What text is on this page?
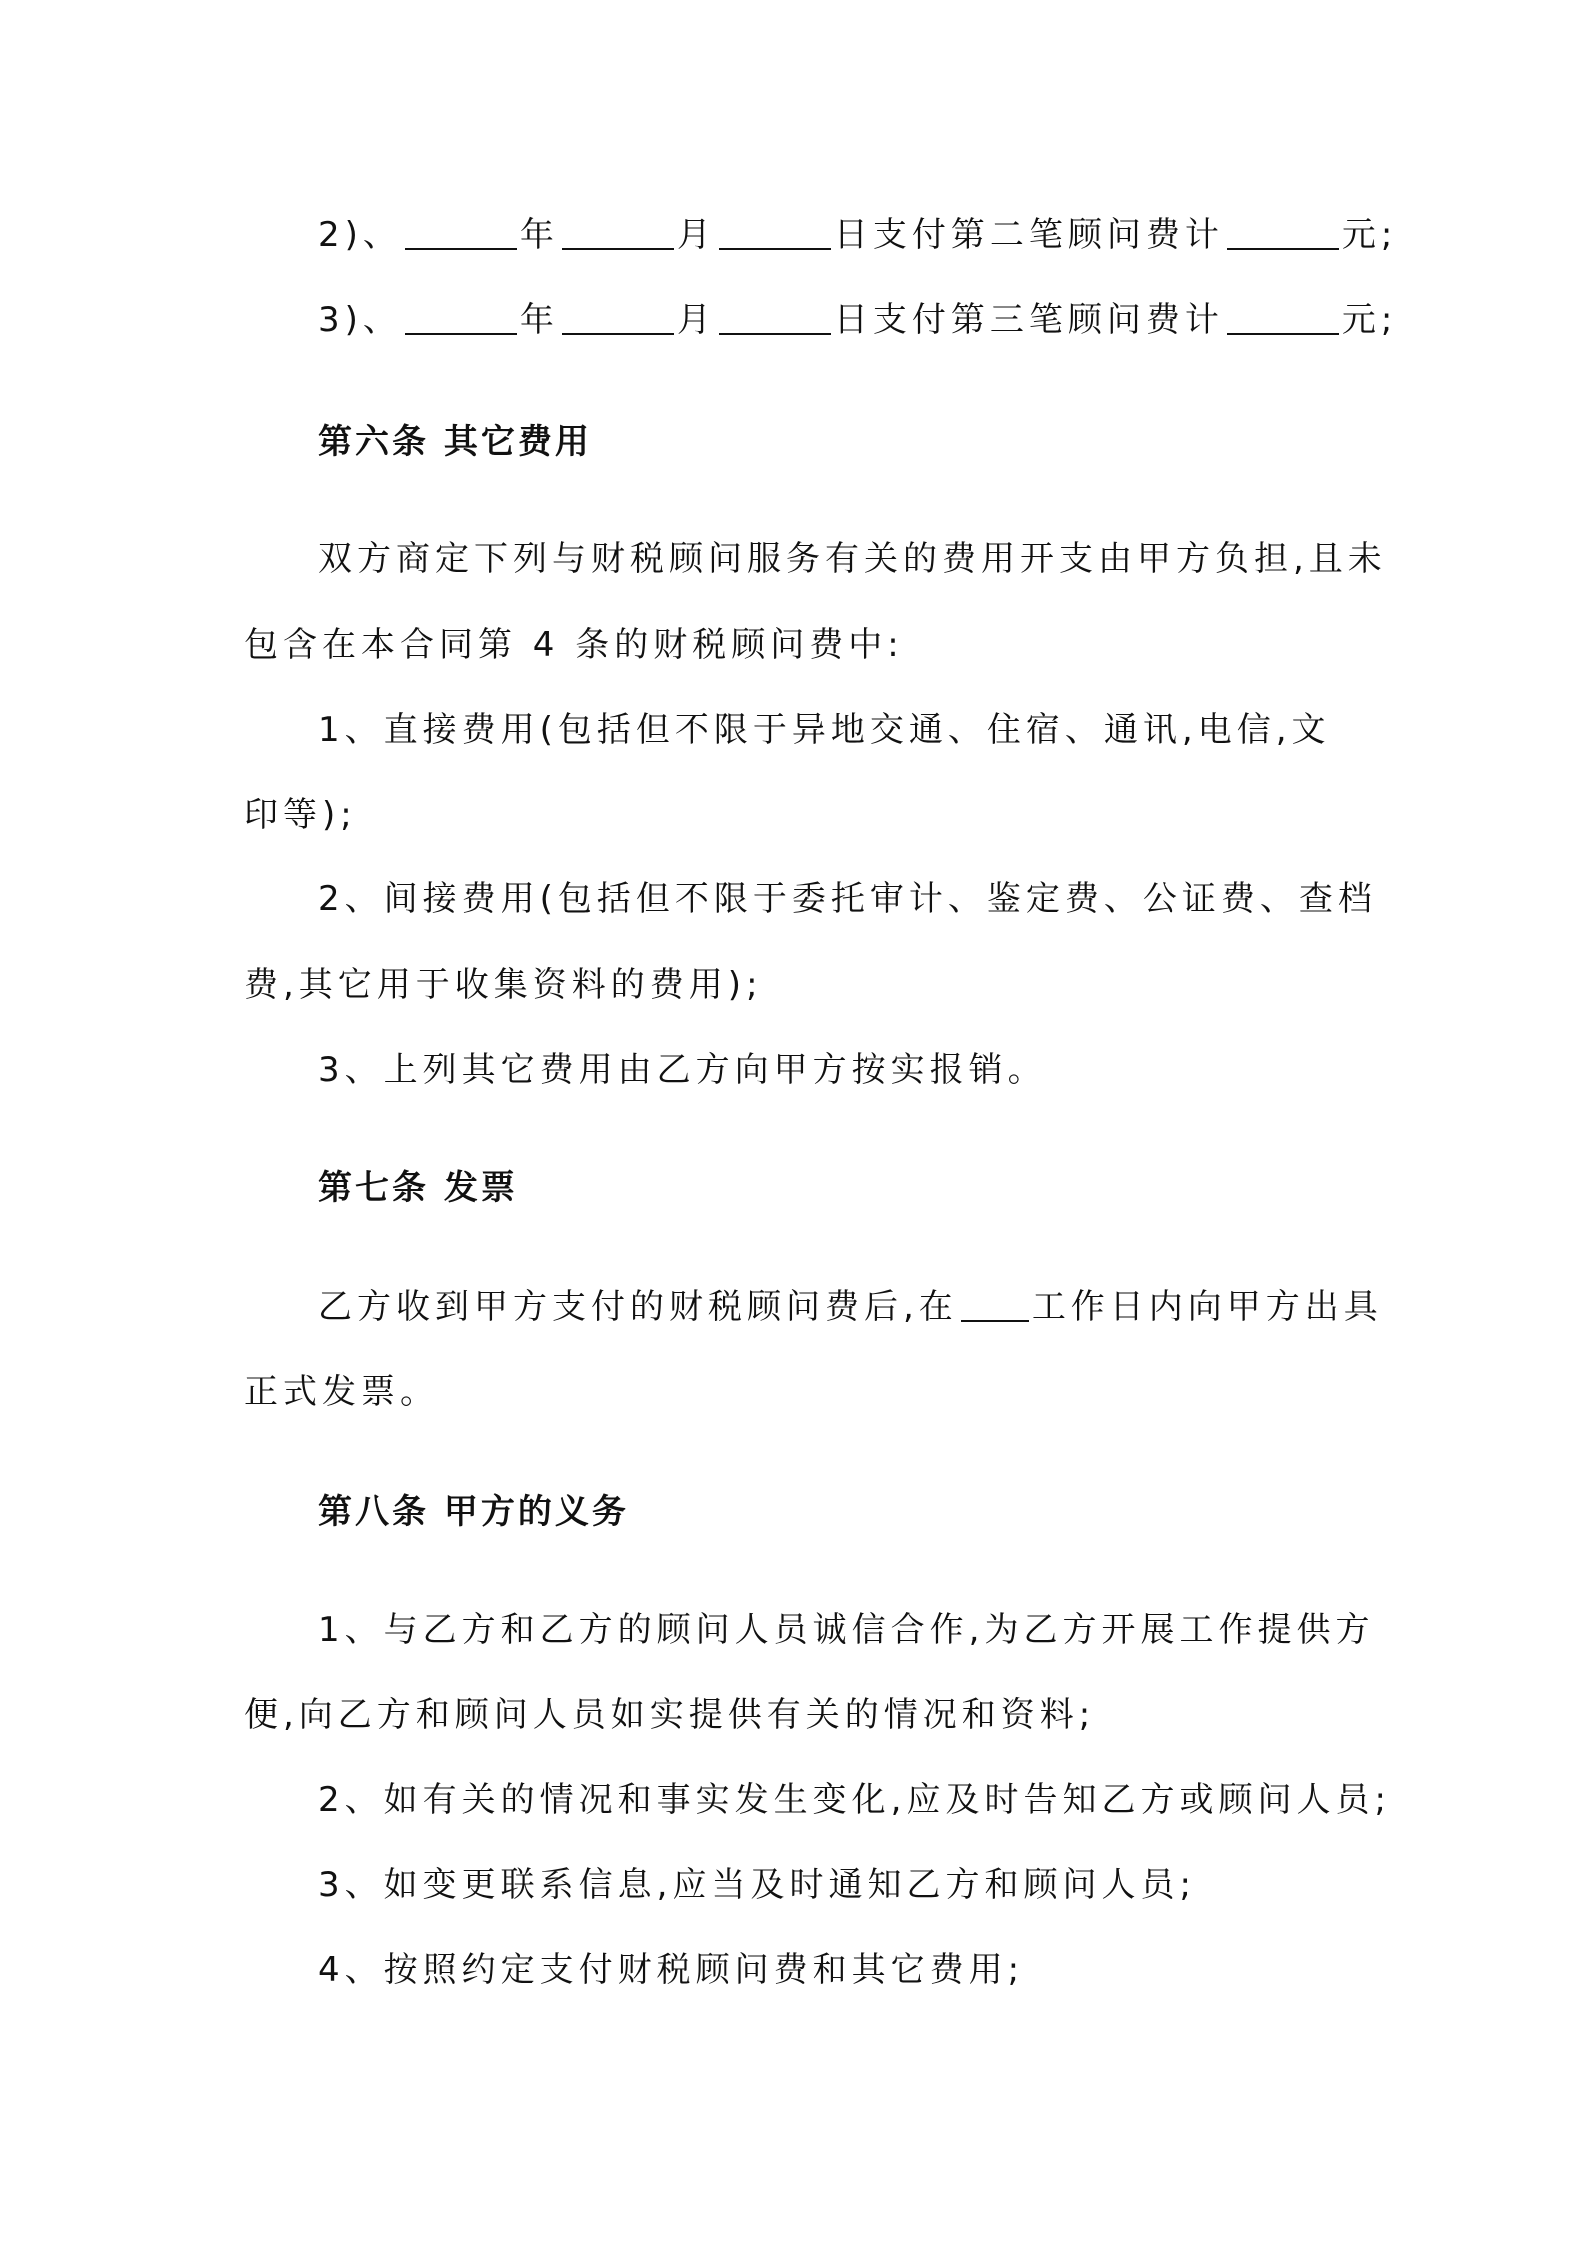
2)、	年	月	日支付第二笔顾问费计	元;
3)、	年	月	日支付第三笔顾问费计	元;
第六条 其它费用
双方商定下列与财税顾问服务有关的费用开支由甲方负担,且未
包含在本合同第 4 条的财税顾问费中:
1、直接费用(包括但不限于异地交通、住宿、通讯,电信,文
印等);
2、间接费用(包括但不限于委托审计、鉴定费、公证费、查档
费,其它用于收集资料的费用);
3、上列其它费用由乙方向甲方按实报销。
第七条 发票
乙方收到甲方支付的财税顾问费后,在 工作日内向甲方出具
正式发票。
第八条 甲方的义务
1、与乙方和乙方的顾问人员诚信合作,为乙方开展工作提供方
便,向乙方和顾问人员如实提供有关的情况和资料;
2、如有关的情况和事实发生变化,应及时告知乙方或顾问人员;
3、如变更联系信息,应当及时通知乙方和顾问人员;
4、按照约定支付财税顾问费和其它费用;
